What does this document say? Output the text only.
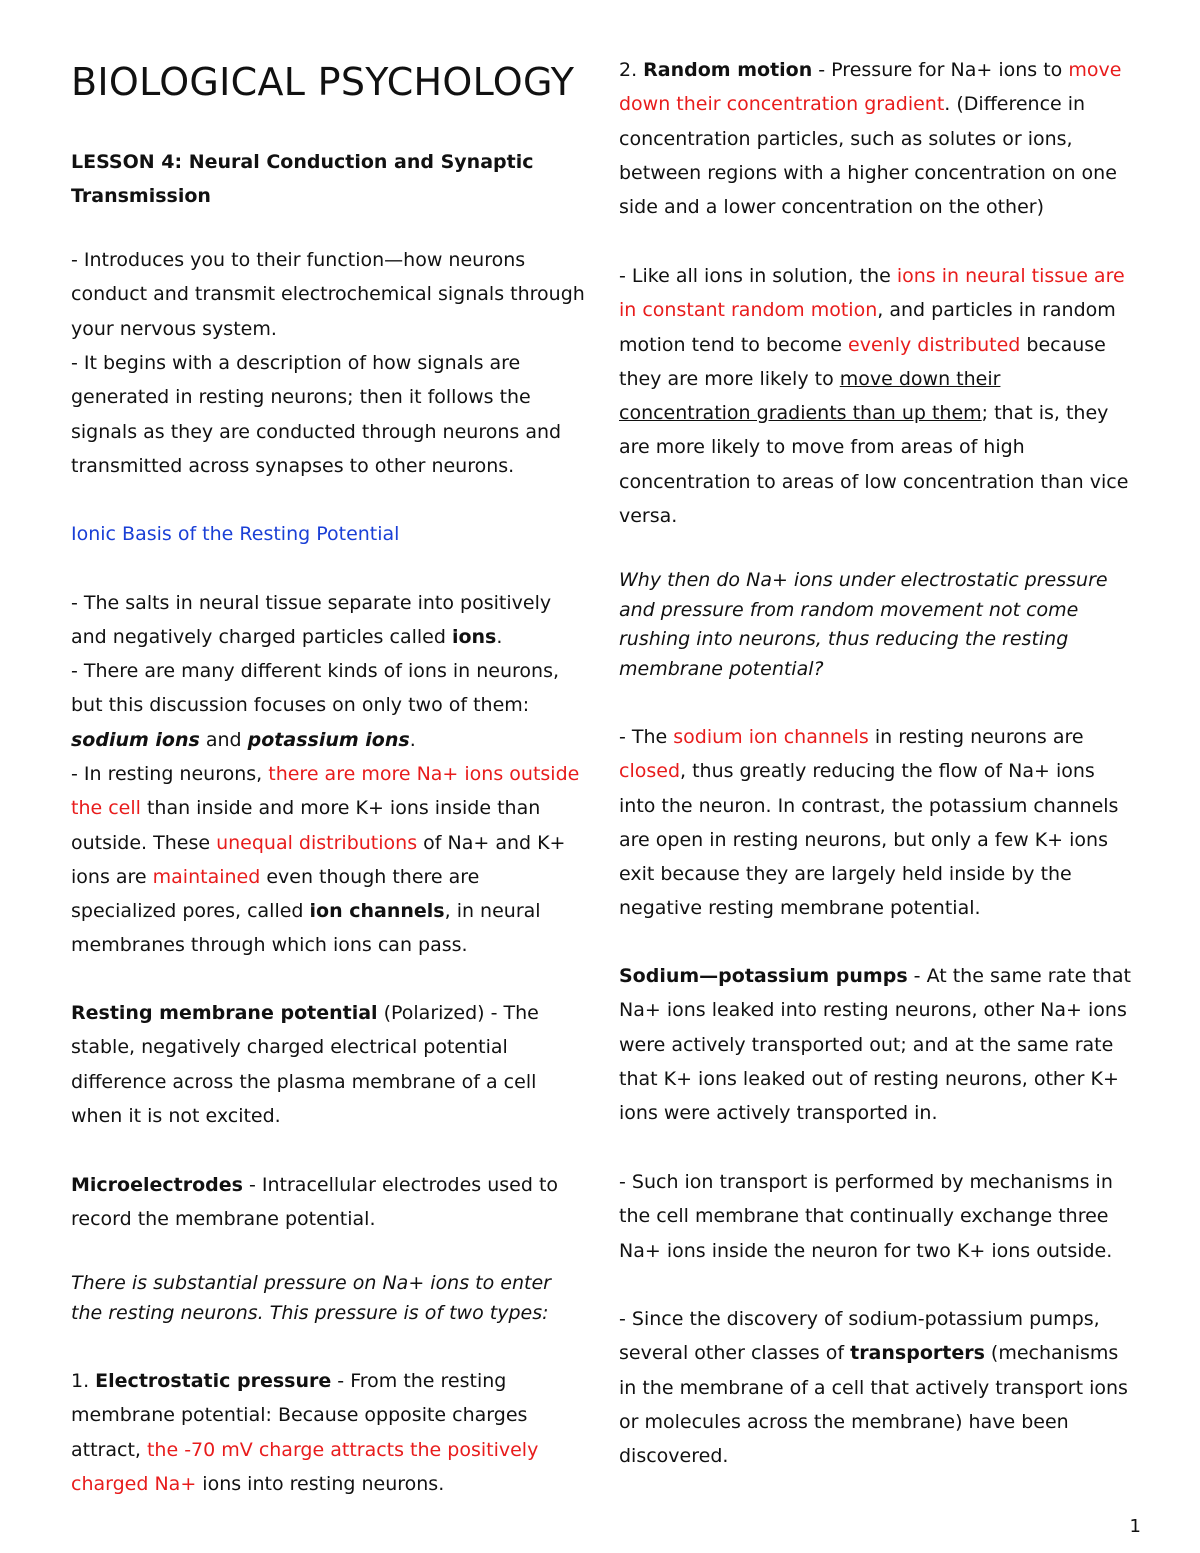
BIOLOGICAL PSYCHOLOGY

LESSON 4: Neural Conduction and Synaptic Transmission

- Introduces you to their function—how neurons conduct and transmit electrochemical signals through your nervous system.

- It begins with a description of how signals are generated in resting neurons; then it follows the signals as they are conducted through neurons and transmitted across synapses to other neurons.

Ionic Basis of the Resting Potential

- The salts in neural tissue separate into positively and negatively charged particles called ions.

- There are many different kinds of ions in neurons, but this discussion focuses on only two of them: sodium ions and potassium ions.

- In resting neurons, there are more Na+ ions outside the cell than inside and more K+ ions inside than outside. These unequal distributions of Na+ and K+ ions are maintained even though there are specialized pores, called ion channels, in neural membranes through which ions can pass.

Resting membrane potential (Polarized) - The stable, negatively charged electrical potential difference across the plasma membrane of a cell when it is not excited.

Microelectrodes - Intracellular electrodes used to record the membrane potential.

There is substantial pressure on Na+ ions to enter the resting neurons. This pressure is of two types:

1. Electrostatic pressure - From the resting membrane potential: Because opposite charges attract, the -70 mV charge attracts the positively charged Na+ ions into resting neurons.

2. Random motion - Pressure for Na+ ions to move down their concentration gradient. (Difference in concentration particles, such as solutes or ions, between regions with a higher concentration on one side and a lower concentration on the other)

- Like all ions in solution, the ions in neural tissue are in constant random motion, and particles in random motion tend to become evenly distributed because they are more likely to move down their concentration gradients than up them; that is, they are more likely to move from areas of high concentration to areas of low concentration than vice versa.

Why then do Na+ ions under electrostatic pressure and pressure from random movement not come rushing into neurons, thus reducing the resting membrane potential?

- The sodium ion channels in resting neurons are closed, thus greatly reducing the flow of Na+ ions into the neuron. In contrast, the potassium channels are open in resting neurons, but only a few K+ ions exit because they are largely held inside by the negative resting membrane potential.

Sodium—potassium pumps - At the same rate that Na+ ions leaked into resting neurons, other Na+ ions were actively transported out; and at the same rate that K+ ions leaked out of resting neurons, other K+ ions were actively transported in.

- Such ion transport is performed by mechanisms in the cell membrane that continually exchange three Na+ ions inside the neuron for two K+ ions outside.

- Since the discovery of sodium-potassium pumps, several other classes of transporters (mechanisms in the membrane of a cell that actively transport ions or molecules across the membrane) have been discovered.

1
